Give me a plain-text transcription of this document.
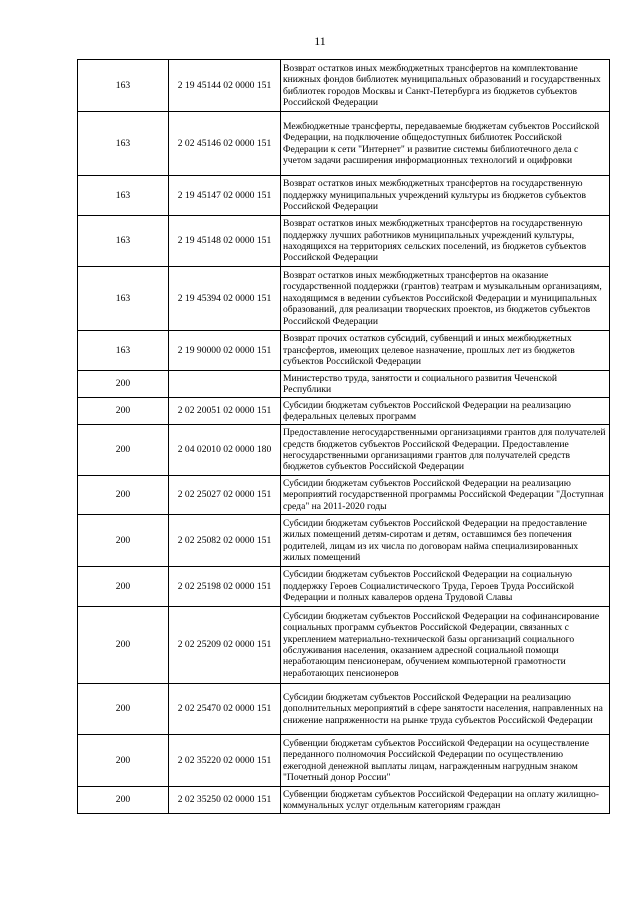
11
163	2 19 45144 02 0000 151	Возврат остатков иных межбюджетных трансфертов на комплектование книжных фондов библиотек муниципальных образований и государственных библиотек городов Москвы и Санкт-Петербурга из бюджетов субъектов Российской Федерации
163	2 02 45146 02 0000 151	Межбюджетные трансферты, передаваемые бюджетам субъектов Российской Федерации, на подключение общедоступных библиотек Российской Федерации к сети "Интернет" и развитие системы библиотечного дела с учетом задачи расширения информационных технологий и оцифровки
163	2 19 45147 02 0000 151	Возврат остатков иных межбюджетных трансфертов на государственную поддержку муниципальных учреждений культуры из бюджетов субъектов Российской Федерации
163	2 19 45148 02 0000 151	Возврат остатков иных межбюджетных трансфертов на государственную поддержку лучших работников муниципальных учреждений культуры, находящихся на территориях сельских поселений, из бюджетов субъектов Российской Федерации
163	2 19 45394 02 0000 151	Возврат остатков иных межбюджетных трансфертов на оказание государственной поддержки (грантов) театрам и музыкальным организациям, находящимся в ведении субъектов Российской Федерации и муниципальных образований, для реализации творческих проектов, из бюджетов субъектов Российской Федерации
163	2 19 90000 02 0000 151	Возврат прочих остатков субсидий, субвенций и иных межбюджетных трансфертов, имеющих целевое назначение, прошлых лет из бюджетов субъектов Российской Федерации
200		Министерство труда, занятости и социального развития Чеченской Республики
200	2 02 20051 02 0000 151	Субсидии бюджетам субъектов Российской Федерации на реализацию федеральных целевых программ
200	2 04 02010 02 0000 180	Предоставление негосударственными организациями грантов для получателей средств бюджетов субъектов Российской Федерации. Предоставление негосударственными организациями грантов для получателей средств бюджетов субъектов Российской Федерации
200	2 02 25027 02 0000 151	Субсидии бюджетам субъектов Российской Федерации на реализацию мероприятий государственной программы Российской Федерации "Доступная среда" на 2011-2020 годы
200	2 02 25082 02 0000 151	Субсидии бюджетам субъектов Российской Федерации на предоставление жилых помещений детям-сиротам и детям, оставшимся без попечения родителей, лицам из их числа по договорам найма специализированных жилых помещений
200	2 02 25198 02 0000 151	Субсидии бюджетам субъектов Российской Федерации на социальную поддержку Героев Социалистического Труда, Героев Труда Российской Федерации и полных кавалеров ордена Трудовой Славы
200	2 02 25209 02 0000 151	Субсидии бюджетам субъектов Российской Федерации на софинансирование социальных программ субъектов Российской Федерации, связанных с укреплением материально-технической базы организаций социального обслуживания населения, оказанием адресной социальной помощи неработающим пенсионерам, обучением компьютерной грамотности неработающих пенсионеров
200	2 02 25470 02 0000 151	Субсидии бюджетам субъектов Российской Федерации на реализацию дополнительных мероприятий в сфере занятости населения, направленных на снижение напряженности на рынке труда субъектов Российской Федерации
200	2 02 35220 02 0000 151	Субвенции бюджетам субъектов Российской Федерации на осуществление переданного полномочия Российской Федерации по осуществлению ежегодной денежной выплаты лицам, награжденным нагрудным знаком "Почетный донор России"
200	2 02 35250 02 0000 151	Субвенции бюджетам субъектов Российской Федерации на оплату жилищно-коммунальных услуг отдельным категориям граждан
